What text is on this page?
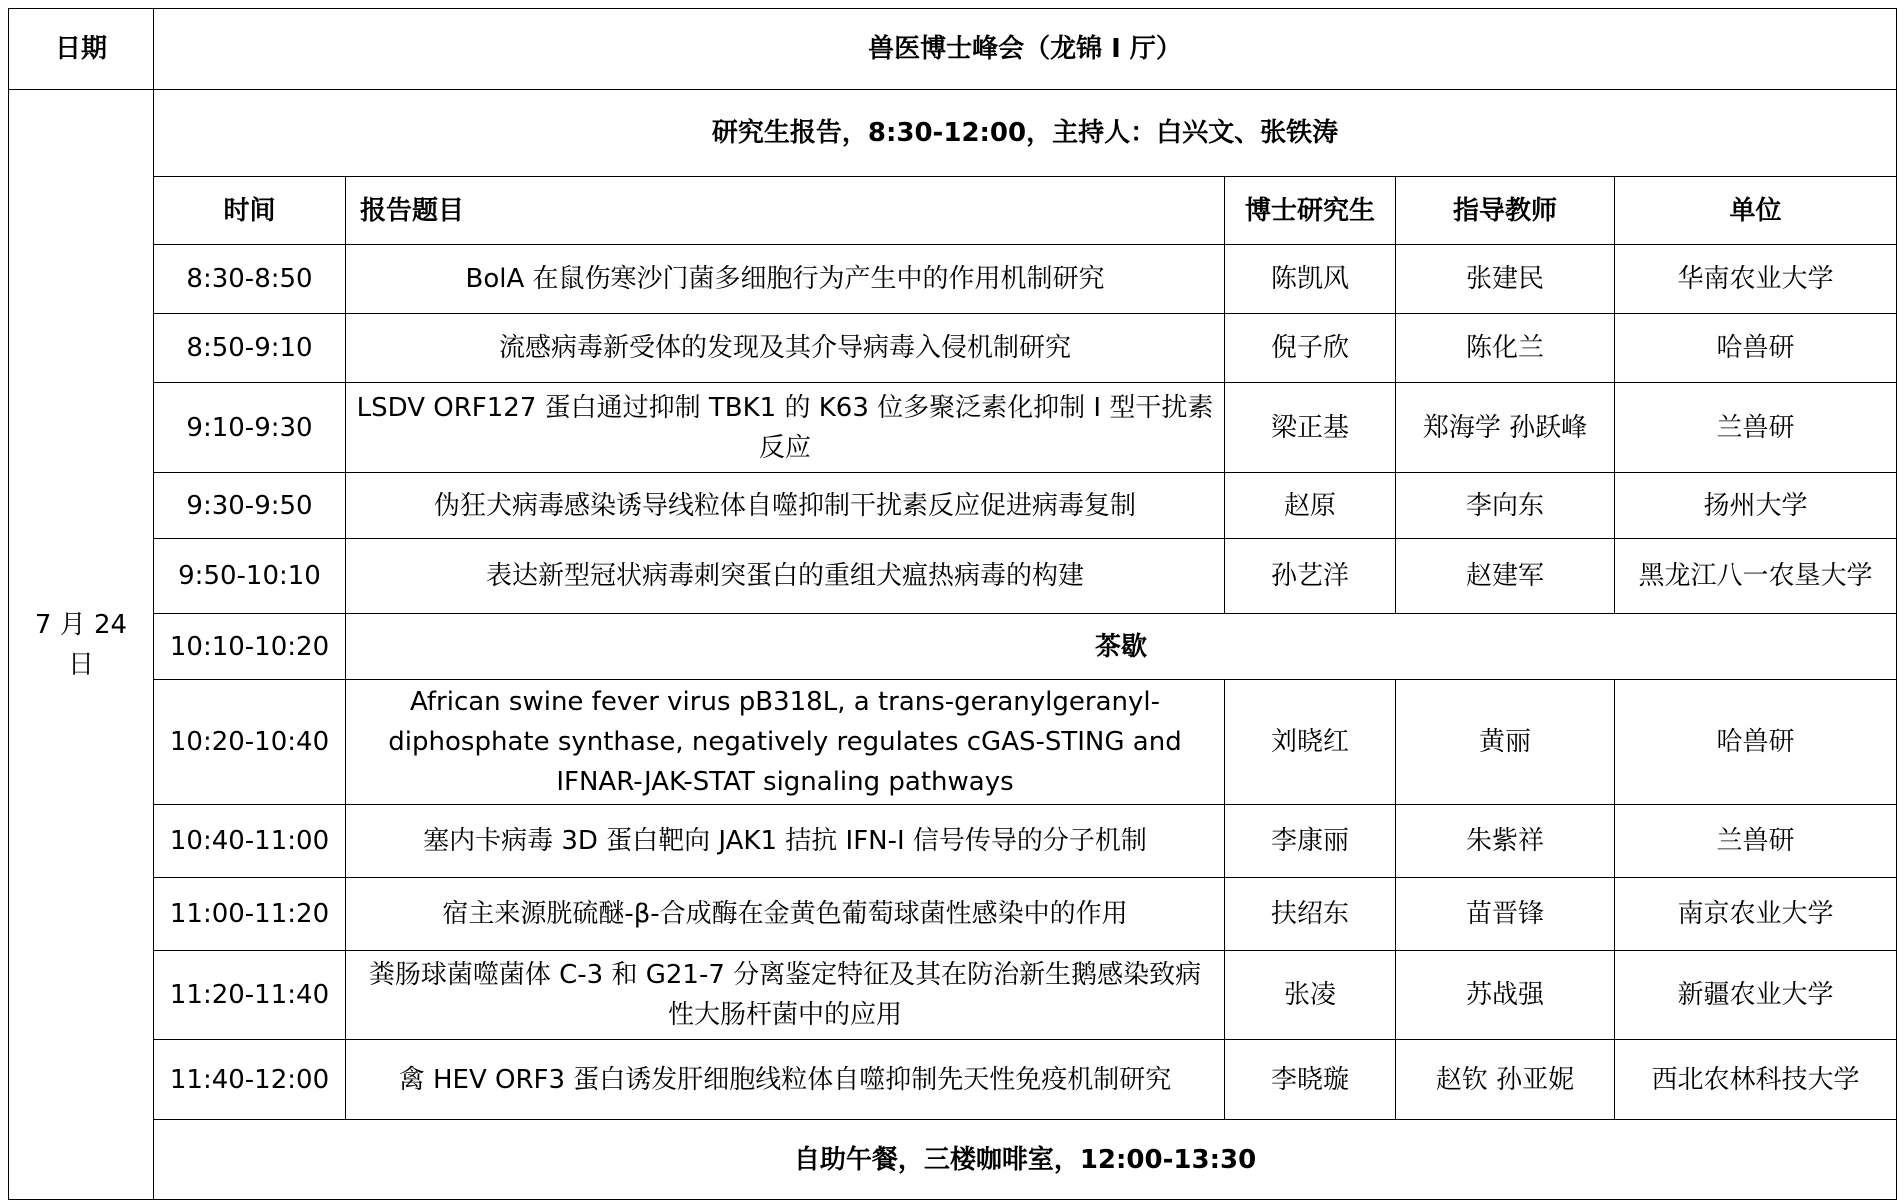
日期	兽医博士峰会（龙锦 I 厅）				
7 月 24 日	研究生报告，8:30-12:00，主持人：白兴文、张铁涛				
	时间	报告题目	博士研究生	指导教师	单位
	8:30-8:50	BolA 在鼠伤寒沙门菌多细胞行为产生中的作用机制研究	陈凯风	张建民	华南农业大学
	8:50-9:10	流感病毒新受体的发现及其介导病毒入侵机制研究	倪子欣	陈化兰	哈兽研
	9:10-9:30	LSDV ORF127 蛋白通过抑制 TBK1 的 K63 位多聚泛素化抑制 Ⅰ 型干扰素反应	梁正基	郑海学 孙跃峰	兰兽研
	9:30-9:50	伪狂犬病毒感染诱导线粒体自噬抑制干扰素反应促进病毒复制	赵原	李向东	扬州大学
	9:50-10:10	表达新型冠状病毒刺突蛋白的重组犬瘟热病毒的构建	孙艺洋	赵建军	黑龙江八一农垦大学
	10:10-10:20	茶歇			
	10:20-10:40	African swine fever virus pB318L, a trans-geranylgeranyl-diphosphate synthase, negatively regulates cGAS-STING and IFNAR-JAK-STAT signaling pathways	刘晓红	黄丽	哈兽研
	10:40-11:00	塞内卡病毒 3D 蛋白靶向 JAK1 拮抗 IFN-I 信号传导的分子机制	李康丽	朱紫祥	兰兽研
	11:00-11:20	宿主来源胱硫醚-β-合成酶在金黄色葡萄球菌性感染中的作用	扶绍东	苗晋锋	南京农业大学
	11:20-11:40	粪肠球菌噬菌体 C-3 和 G21-7 分离鉴定特征及其在防治新生鹅感染致病性大肠杆菌中的应用	张凌	苏战强	新疆农业大学
	11:40-12:00	禽 HEV ORF3 蛋白诱发肝细胞线粒体自噬抑制先天性免疫机制研究	李晓璇	赵钦 孙亚妮	西北农林科技大学
	自助午餐，三楼咖啡室，12:00-13:30				
